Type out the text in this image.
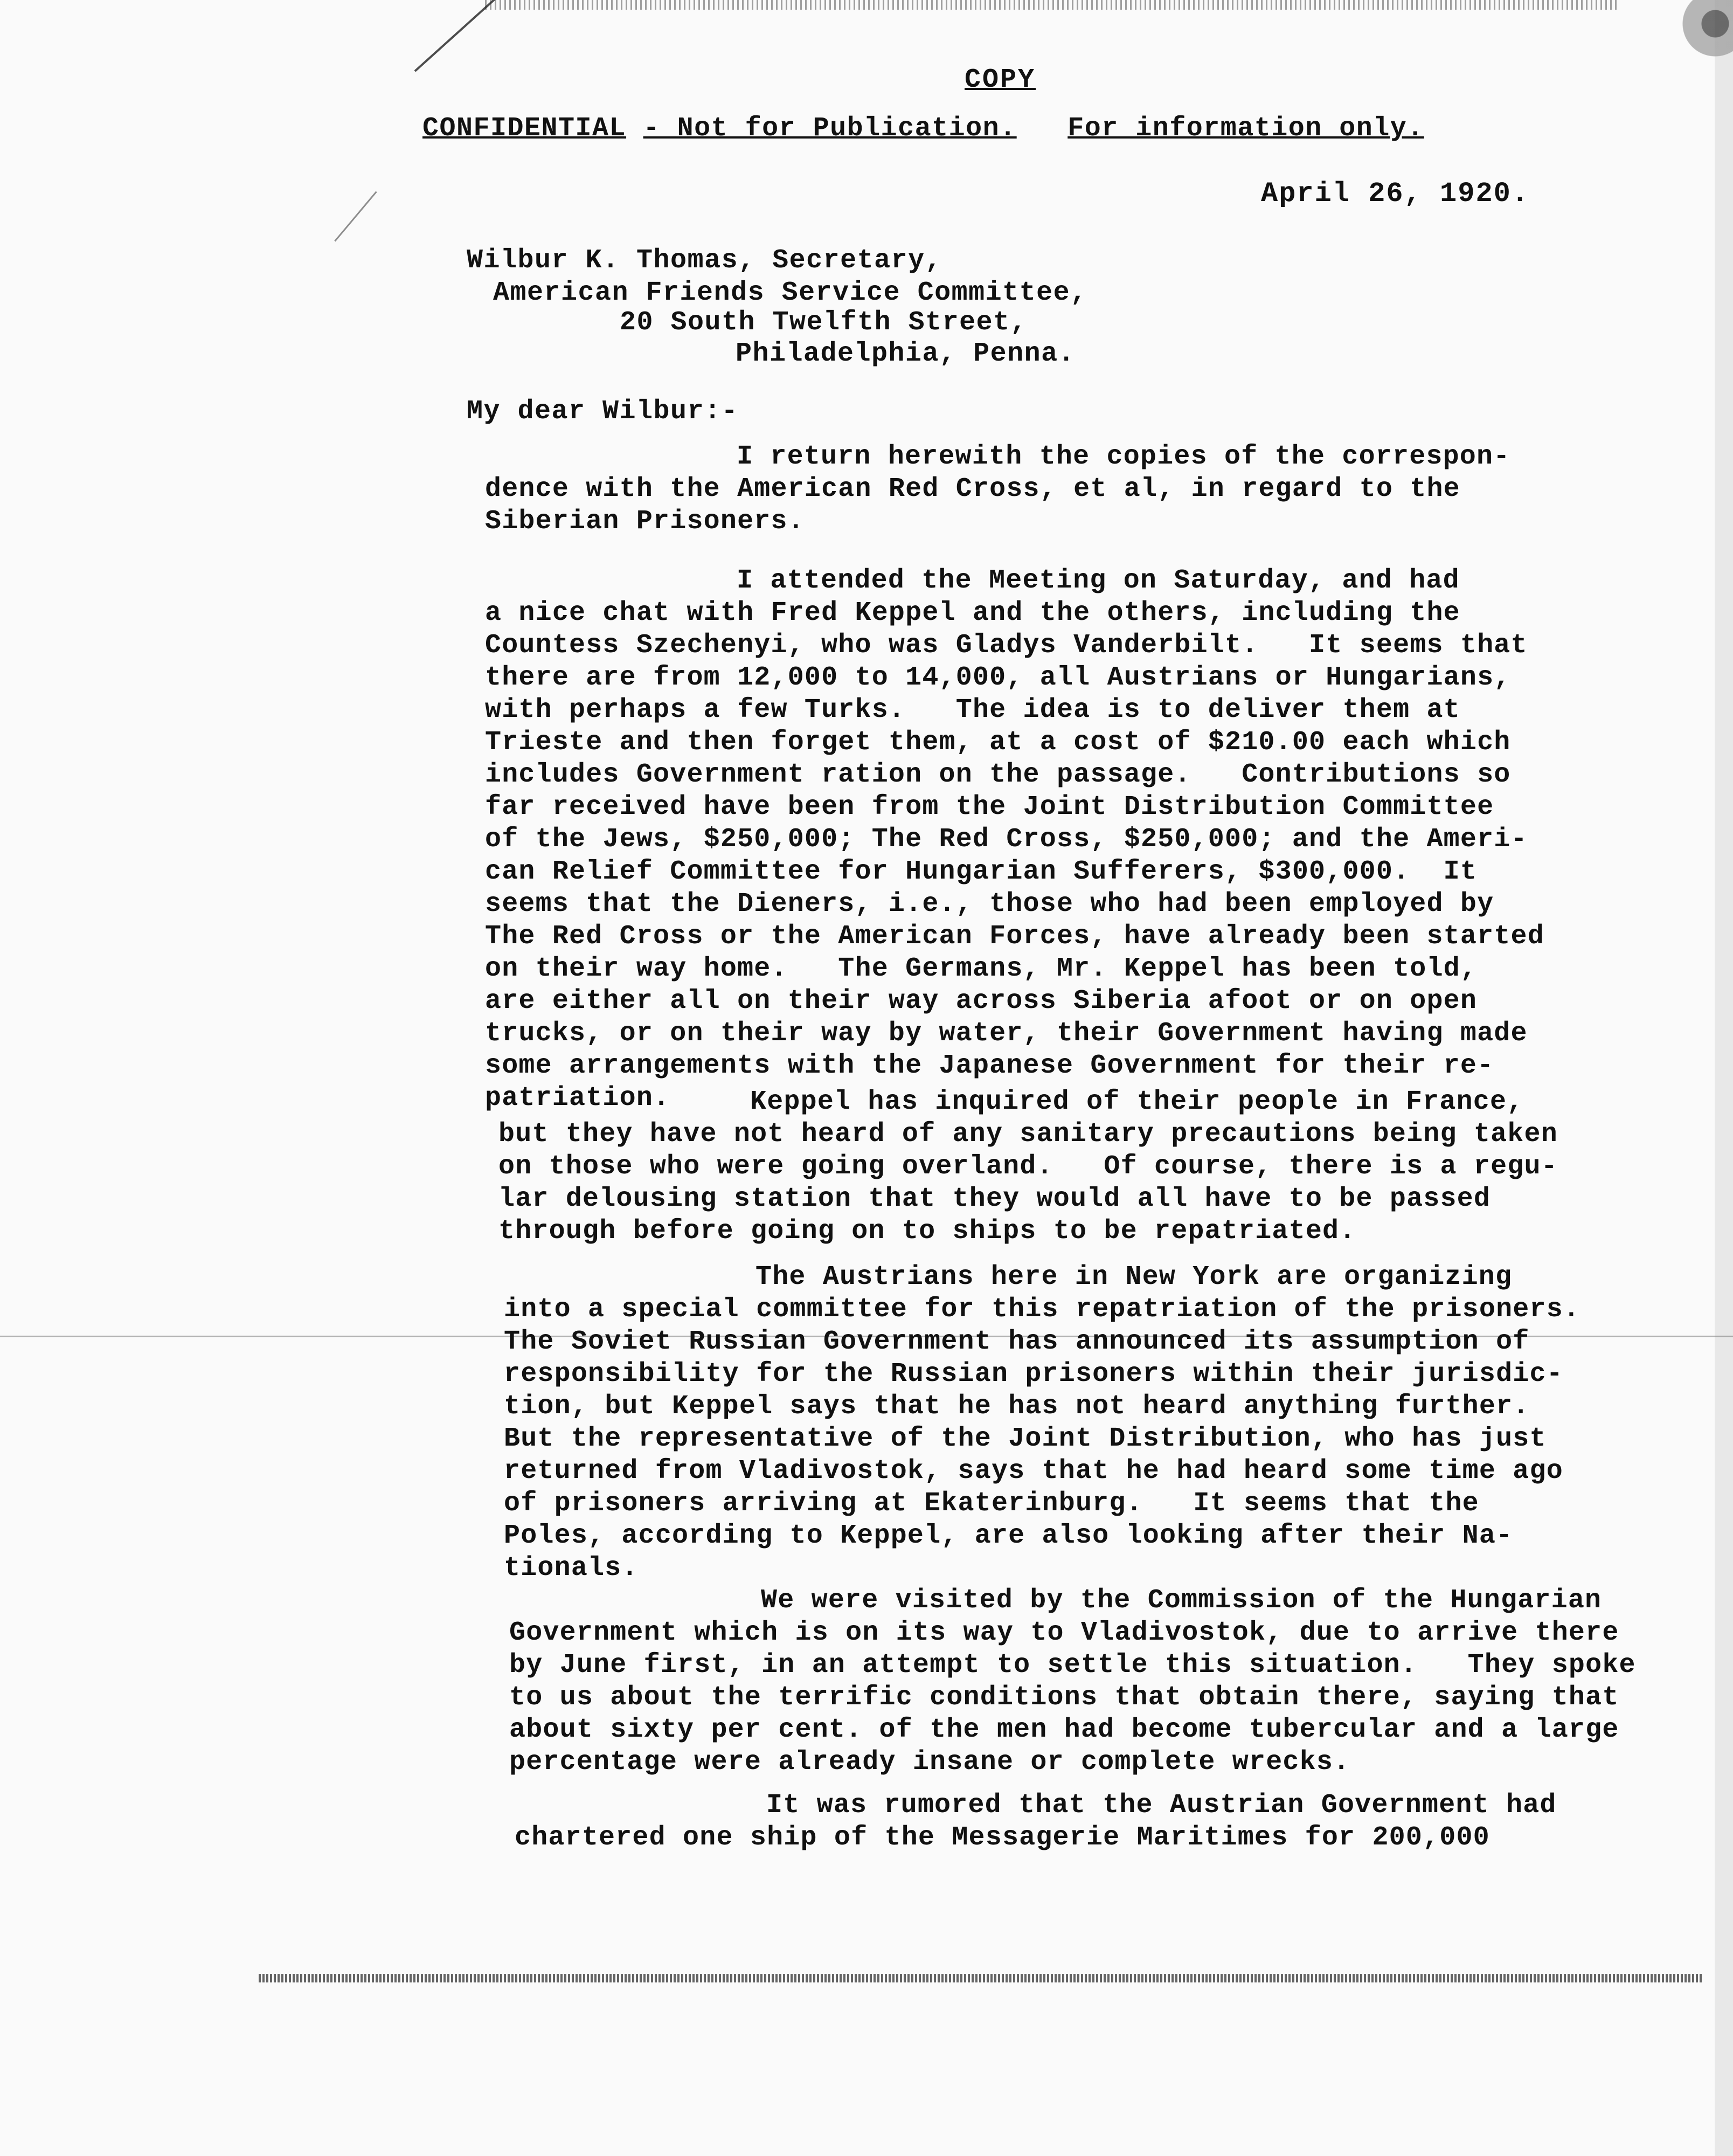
COPY
CONFIDENTIAL - Not for Publication. For information only.
April 26, 1920.
Wilbur K. Thomas, Secretary,
American Friends Service Committee,
20 South Twelfth Street,
Philadelphia, Penna.
My dear Wilbur:-
I return herewith the copies of the correspon-
dence with the American Red Cross, et al, in regard to the
Siberian Prisoners.
I attended the Meeting on Saturday, and had
a nice chat with Fred Keppel and the others, including the
Countess Szechenyi, who was Gladys Vanderbilt.   It seems that
there are from 12,000 to 14,000, all Austrians or Hungarians,
with perhaps a few Turks.   The idea is to deliver them at
Trieste and then forget them, at a cost of $210.00 each which
includes Government ration on the passage.   Contributions so
far received have been from the Joint Distribution Committee
of the Jews, $250,000; The Red Cross, $250,000; and the Ameri-
can Relief Committee for Hungarian Sufferers, $300,000.  It
seems that the Dieners, i.e., those who had been employed by
The Red Cross or the American Forces, have already been started
on their way home.   The Germans, Mr. Keppel has been told,
are either all on their way across Siberia afoot or on open
trucks, or on their way by water, their Government having made
some arrangements with the Japanese Government for their re-
patriation.	Keppel has inquired of their people in France,
but they have not heard of any sanitary precautions being taken
on those who were going overland.   Of course, there is a regu-
lar delousing station that they would all have to be passed
through before going on to ships to be repatriated.
The Austrians here in New York are organizing
into a special committee for this repatriation of the prisoners.
The Soviet Russian Government has announced its assumption of
responsibility for the Russian prisoners within their jurisdic-
tion, but Keppel says that he has not heard anything further.
But the representative of the Joint Distribution, who has just
returned from Vladivostok, says that he had heard some time ago
of prisoners arriving at Ekaterinburg.   It seems that the
Poles, according to Keppel, are also looking after their Na-
tionals.
We were visited by the Commission of the Hungarian
Government which is on its way to Vladivostok, due to arrive there
by June first, in an attempt to settle this situation.   They spoke
to us about the terrific conditions that obtain there, saying that
about sixty per cent. of the men had become tubercular and a large
percentage were already insane or complete wrecks.
It was rumored that the Austrian Government had
chartered one ship of the Messagerie Maritimes for 200,000
